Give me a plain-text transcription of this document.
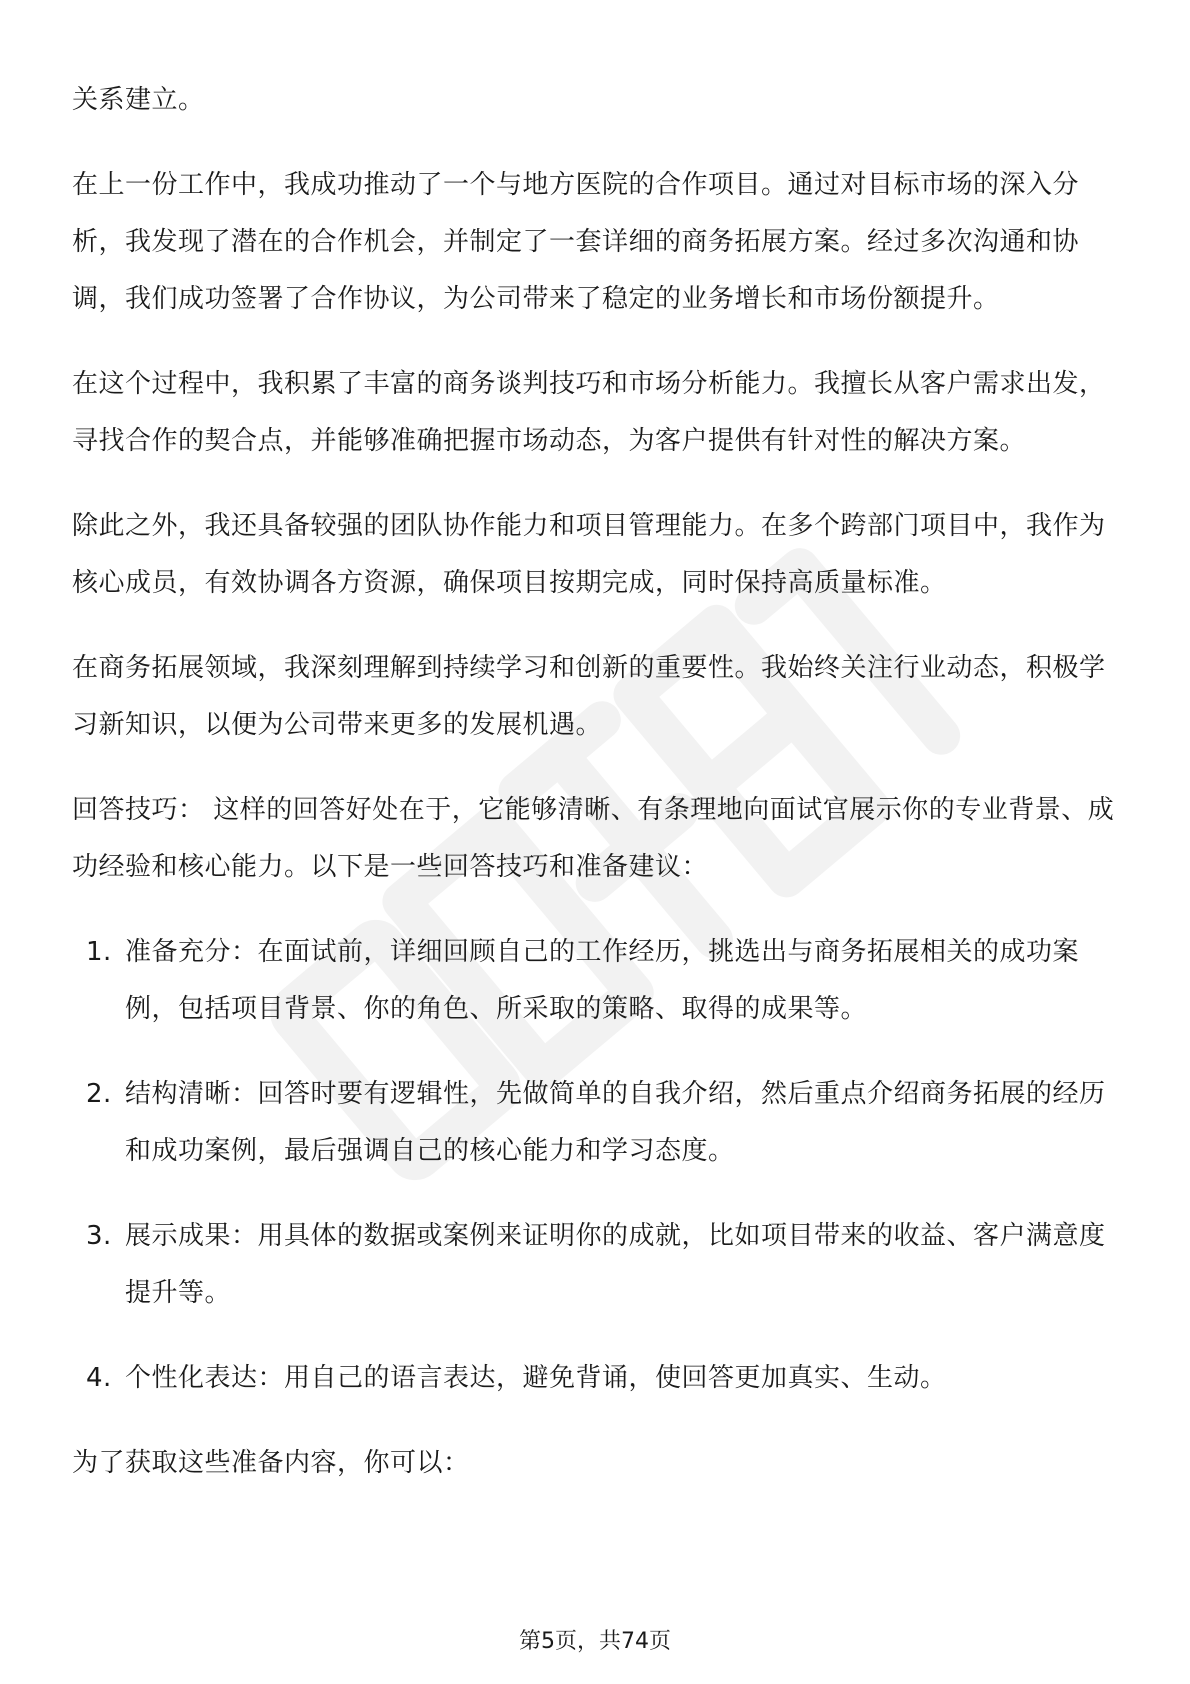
关系建立。

在上一份工作中，我成功推动了一个与地方医院的合作项目。通过对目标市场的深入分析，我发现了潜在的合作机会，并制定了一套详细的商务拓展方案。经过多次沟通和协调，我们成功签署了合作协议，为公司带来了稳定的业务增长和市场份额提升。

在这个过程中，我积累了丰富的商务谈判技巧和市场分析能力。我擅长从客户需求出发，寻找合作的契合点，并能够准确把握市场动态，为客户提供有针对性的解决方案。

除此之外，我还具备较强的团队协作能力和项目管理能力。在多个跨部门项目中，我作为核心成员，有效协调各方资源，确保项目按期完成，同时保持高质量标准。

在商务拓展领域，我深刻理解到持续学习和创新的重要性。我始终关注行业动态，积极学习新知识，以便为公司带来更多的发展机遇。

回答技巧： 这样的回答好处在于，它能够清晰、有条理地向面试官展示你的专业背景、成功经验和核心能力。以下是一些回答技巧和准备建议：

1. 准备充分：在面试前，详细回顾自己的工作经历，挑选出与商务拓展相关的成功案例，包括项目背景、你的角色、所采取的策略、取得的成果等。
2. 结构清晰：回答时要有逻辑性，先做简单的自我介绍，然后重点介绍商务拓展的经历和成功案例，最后强调自己的核心能力和学习态度。
3. 展示成果：用具体的数据或案例来证明你的成就，比如项目带来的收益、客户满意度提升等。
4. 个性化表达：用自己的语言表达，避免背诵，使回答更加真实、生动。

为了获取这些准备内容，你可以：

第5页，共74页
